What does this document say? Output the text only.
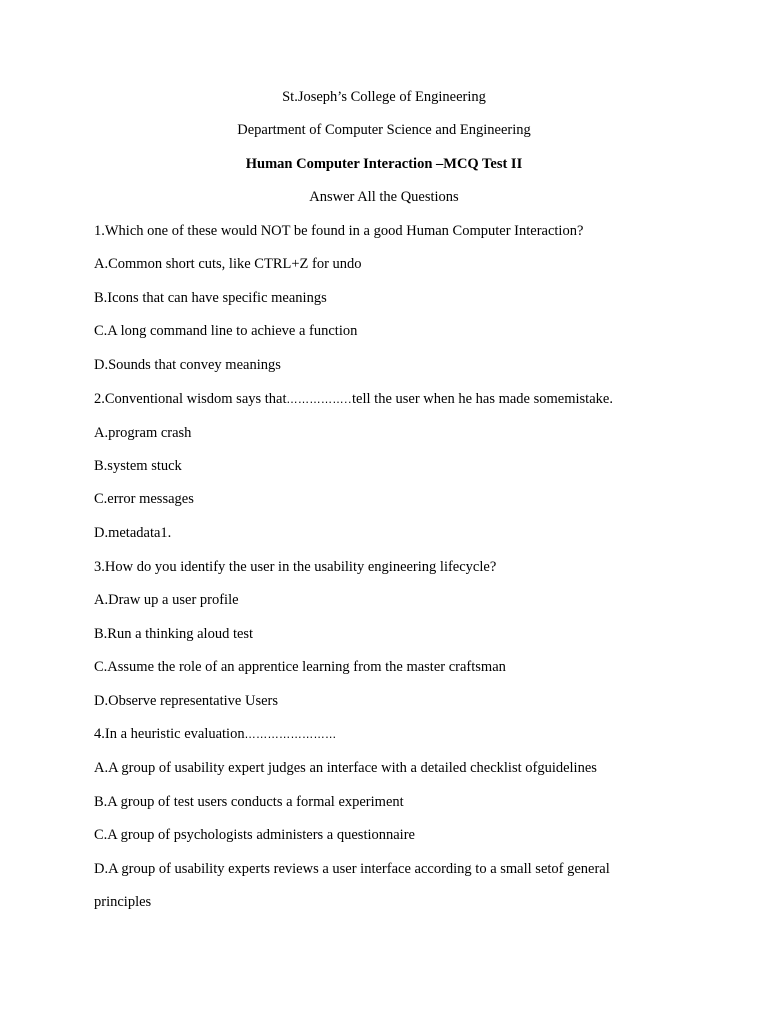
St.Joseph’s College of Engineering
Department of Computer Science and Engineering
Human Computer Interaction –MCQ Test II
Answer All the Questions
1.Which one of these would NOT be found in a good Human Computer Interaction?
A.Common short cuts, like CTRL+Z for undo
B.Icons that can have specific meanings
C.A long command line to achieve a function
D.Sounds that convey meanings
2.Conventional wisdom says that……………..tell the user when he has made somemistake.
A.program crash
B.system stuck
C.error messages
D.metadata1.
3.How do you identify the user in the usability engineering lifecycle?
A.Draw up a user profile
B.Run a thinking aloud test
C.Assume the role of an apprentice learning from the master craftsman
D.Observe representative Users
4.In a heuristic evaluation……………………
A.A group of usability expert judges an interface with a detailed checklist ofguidelines
B.A group of test users conducts a formal experiment
C.A group of psychologists administers a questionnaire
D.A group of usability experts reviews a user interface according to a small setof general
principles
